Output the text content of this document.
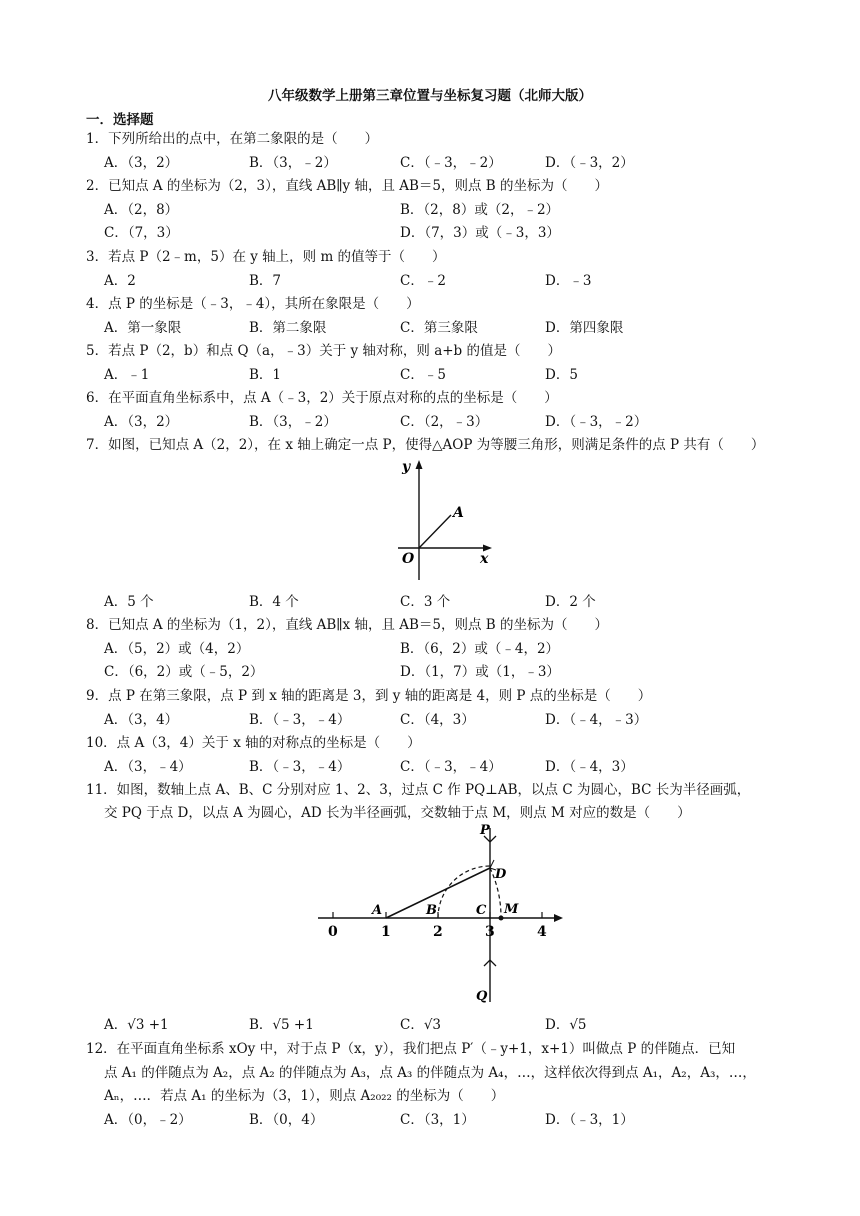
八年级数学上册第三章位置与坐标复习题（北师大版）
一．选择题
1．下列所给出的点中，在第二象限的是（　　）
A．（3，2）	B．（3，﹣2）	C．（﹣3，﹣2）	D．（﹣3，2）
2．已知点 A 的坐标为（2，3），直线 AB∥y 轴，且 AB＝5，则点 B 的坐标为（　　）
A．（2，8）	B．（2，8）或（2，﹣2）
C．（7，3）	D．（7，3）或（﹣3，3）
3．若点 P（2﹣m，5）在 y 轴上，则 m 的值等于（　　）
A．2	B．7	C．﹣2	D．﹣3
4．点 P 的坐标是（﹣3，﹣4），其所在象限是（　　）
A．第一象限	B．第二象限	C．第三象限	D．第四象限
5．若点 P（2，b）和点 Q（a，﹣3）关于 y 轴对称，则 a+b 的值是（　　）
A．﹣1	B．1	C．﹣5	D．5
6．在平面直角坐标系中，点 A（﹣3，2）关于原点对称的点的坐标是（　　）
A．（3，2）	B．（3，﹣2）	C．（2，﹣3）	D．（﹣3，﹣2）
7．如图，已知点 A（2，2），在 x 轴上确定一点 P，使得△AOP 为等腰三角形，则满足条件的点 P 共有（　　）
y
x
O
A
A．5 个	B．4 个	C．3 个	D．2 个
8．已知点 A 的坐标为（1，2），直线 AB∥x 轴，且 AB＝5，则点 B 的坐标为（　　）
A．（5，2）或（4，2）	B．（6，2）或（﹣4，2）
C．（6，2）或（﹣5，2）	D．（1，7）或（1，﹣3）
9．点 P 在第三象限，点 P 到 x 轴的距离是 3，到 y 轴的距离是 4，则 P 点的坐标是（　　）
A．（3，4）	B．（﹣3，﹣4）	C．（4，3）	D．（﹣4，﹣3）
10．点 A（3，4）关于 x 轴的对称点的坐标是（　　）
A．（3，﹣4）	B．（﹣3，﹣4）	C．（﹣3，﹣4）	D．（﹣4，3）
11．如图，数轴上点 A、B、C 分别对应 1、2、3，过点 C 作 PQ⊥AB，以点 C 为圆心，BC 长为半径画弧，
交 PQ 于点 D，以点 A 为圆心，AD 长为半径画弧，交数轴于点 M，则点 M 对应的数是（　　）
P
D
A	B	C M
Q
0	1	2	3	4
A．√3 +1	B．√5 +1	C．√3	D．√5
12．在平面直角坐标系 xOy 中，对于点 P（x，y），我们把点 P′（﹣y+1，x+1）叫做点 P 的伴随点．已知
点 A₁ 的伴随点为 A₂，点 A₂ 的伴随点为 A₃，点 A₃ 的伴随点为 A₄，…，这样依次得到点 A₁，A₂，A₃，…，
Aₙ，…．若点 A₁ 的坐标为（3，1），则点 A₂₀₂₂ 的坐标为（　　）
A．（0，﹣2）	B．（0，4）	C．（3，1）	D．（﹣3，1）
